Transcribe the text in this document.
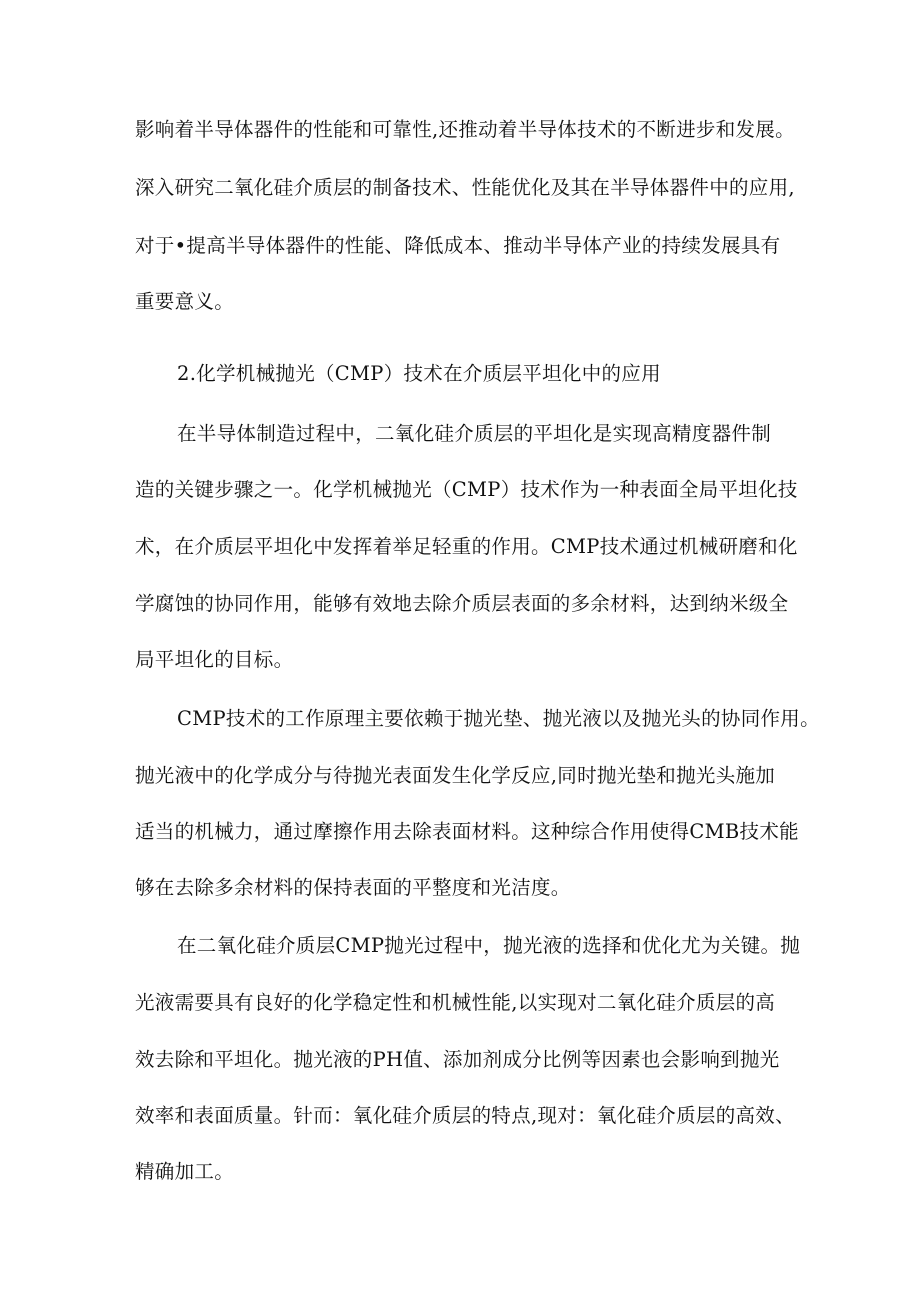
影响着半导体器件的性能和可靠性,还推动着半导体技术的不断进步和发展。
深入研究二氧化硅介质层的制备技术、性能优化及其在半导体器件中的应用,
对于•提高半导体器件的性能、降低成本、推动半导体产业的持续发展具有
重要意义。
2.化学机械抛光（CMP）技术在介质层平坦化中的应用
在半导体制造过程中，二氧化硅介质层的平坦化是实现高精度器件制
造的关键步骤之一。化学机械抛光（CMP）技术作为一种表面全局平坦化技
术，在介质层平坦化中发挥着举足轻重的作用。CMP技术通过机械研磨和化
学腐蚀的协同作用，能够有效地去除介质层表面的多余材料，达到纳米级全
局平坦化的目标。
CMP技术的工作原理主要依赖于抛光垫、抛光液以及抛光头的协同作用。
抛光液中的化学成分与待抛光表面发生化学反应,同时抛光垫和抛光头施加
适当的机械力，通过摩擦作用去除表面材料。这种综合作用使得CMB技术能
够在去除多余材料的保持表面的平整度和光洁度。
在二氧化硅介质层CMP抛光过程中，抛光液的选择和优化尤为关键。抛
光液需要具有良好的化学稳定性和机械性能,以实现对二氧化硅介质层的高
效去除和平坦化。抛光液的PH值、添加剂成分比例等因素也会影响到抛光
效率和表面质量。针而：氧化硅介质层的特点,现对：氧化硅介质层的高效、
精确加工。
